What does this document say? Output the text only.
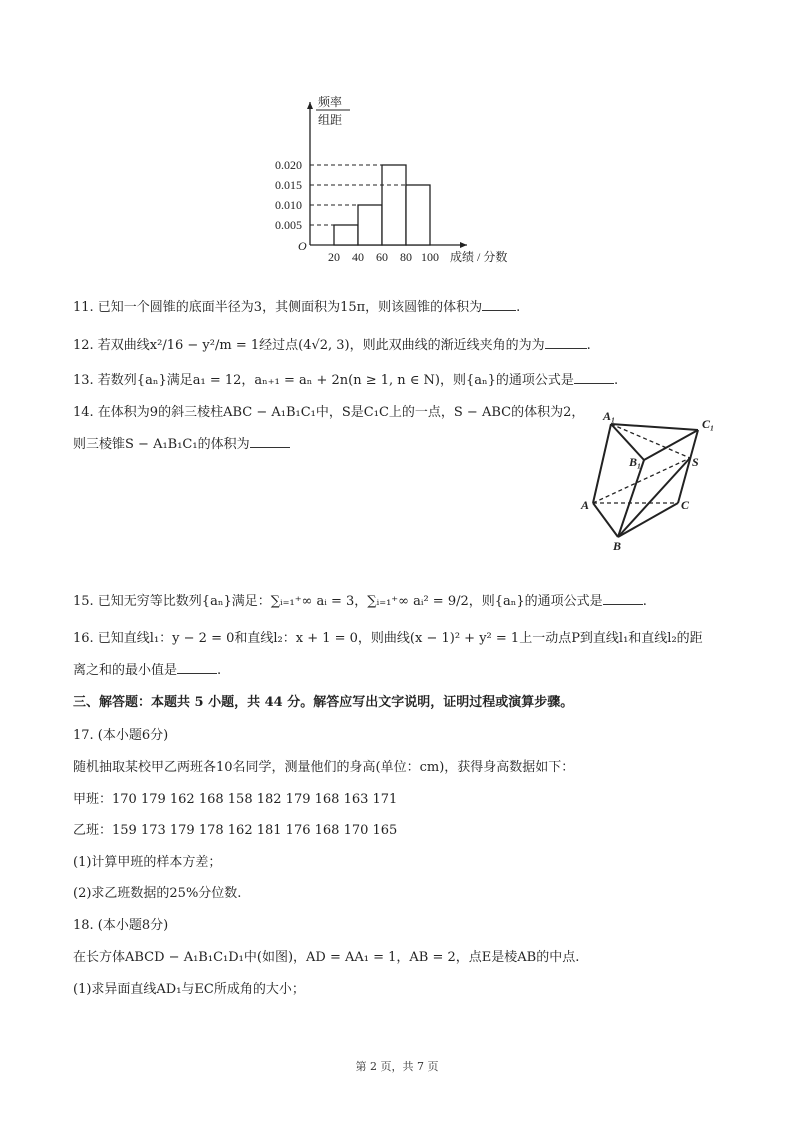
0.020
0.015
0.010
0.005
20 40 60 80 100
O
频率
组距
成绩 / 分数
11. 已知一个圆锥的底面半径为3，其侧面积为15π，则该圆锥的体积为	.
12. 若双曲线x²/16 − y²/m = 1经过点(4√2, 3)，则此双曲线的渐近线夹角的为为	.
13. 若数列{aₙ}满足a₁ = 12，aₙ₊₁ = aₙ + 2n(n ≥ 1, n ∈ N)，则{aₙ}的通项公式是	.
14. 在体积为9的斜三棱柱ABC − A₁B₁C₁中，S是C₁C上的一点，S − ABC的体积为2，
则三棱锥S − A₁B₁C₁的体积为
A₁
C₁
B₁	S
A	C
B
15. 已知无穷等比数列{aₙ}满足：∑ᵢ₌₁⁺∞ aᵢ = 3，∑ᵢ₌₁⁺∞ aᵢ² = 9/2，则{aₙ}的通项公式是	.
16. 已知直线l₁：y − 2 = 0和直线l₂：x + 1 = 0，则曲线(x − 1)² + y² = 1上一动点P到直线l₁和直线l₂的距
离之和的最小值是	.
三、解答题：本题共 5 小题，共 44 分。解答应写出文字说明，证明过程或演算步骤。
17. (本小题6分)
随机抽取某校甲乙两班各10名同学，测量他们的身高(单位：cm)，获得身高数据如下：
甲班：170 179 162 168 158 182 179 168 163 171
乙班：159 173 179 178 162 181 176 168 170 165
(1)计算甲班的样本方差；
(2)求乙班数据的25%分位数.
18. (本小题8分)
在长方体ABCD − A₁B₁C₁D₁中(如图)，AD = AA₁ = 1，AB = 2，点E是棱AB的中点.
(1)求异面直线AD₁与EC所成角的大小；
第 2 页，共 7 页
